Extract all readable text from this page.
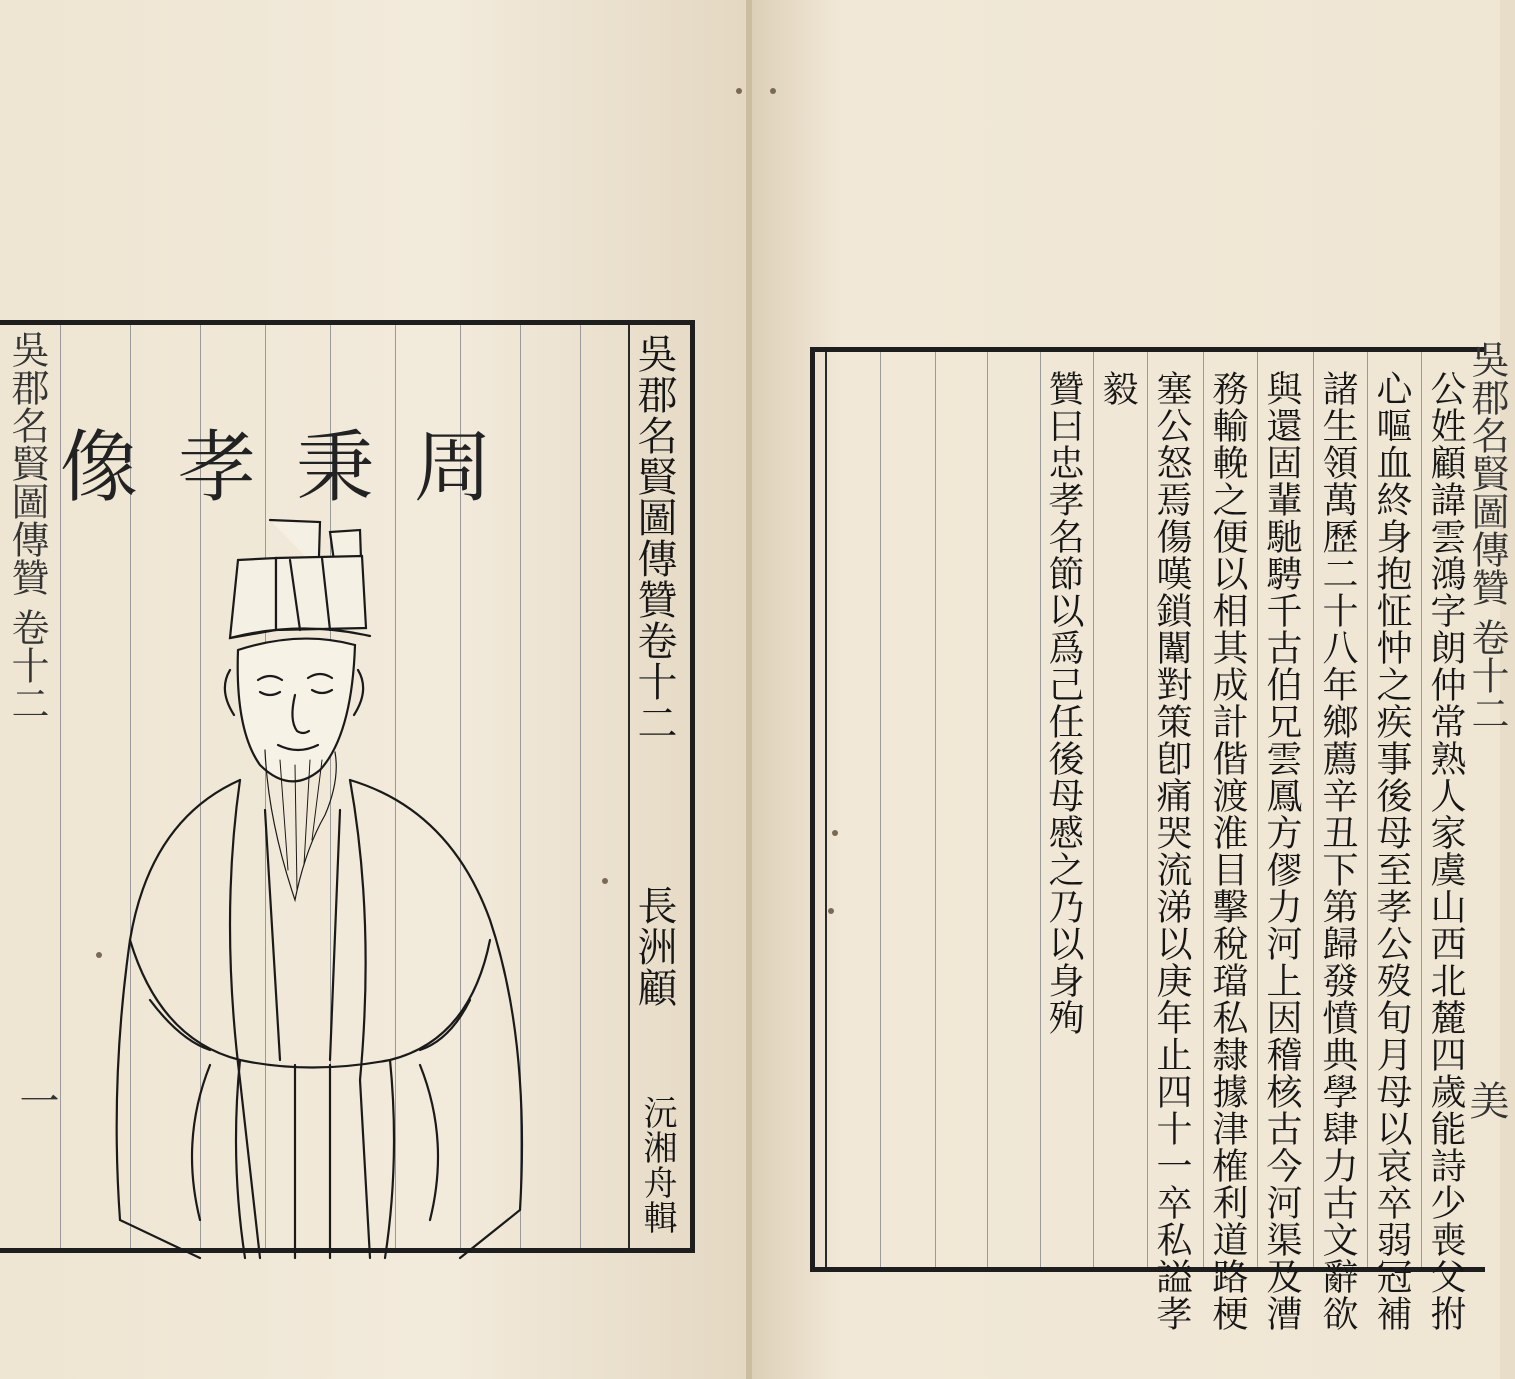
吳郡名賢圖傳贊 卷十二
一

周秉孝像 吳郡名賢圖傳贊卷十二
長洲顧
沅湘舟輯	公姓顧諱雲鴻字朗仲常熟人家虞山西北麓四歲能詩少喪父拊
心嘔血終身抱怔忡之疾事後母至孝公歿旬月母以哀卒弱冠補
諸生領萬歷二十八年鄉薦辛丑下第歸發憤典學肆力古文辭欲
與還固輩馳騁千古伯兄雲鳳方僇力河上因稽核古今河渠及漕
務輸輓之便以相其成計偕渡淮目擊稅璫私隸據津榷利道路梗
塞公怒焉傷嘆鎖闈對策卽痛哭流涕以庚年止四十一卒私謚孝
毅
贊曰忠孝名節以爲己任後母慼之乃以身殉	吳郡名賢圖傳贊 卷十二
美
